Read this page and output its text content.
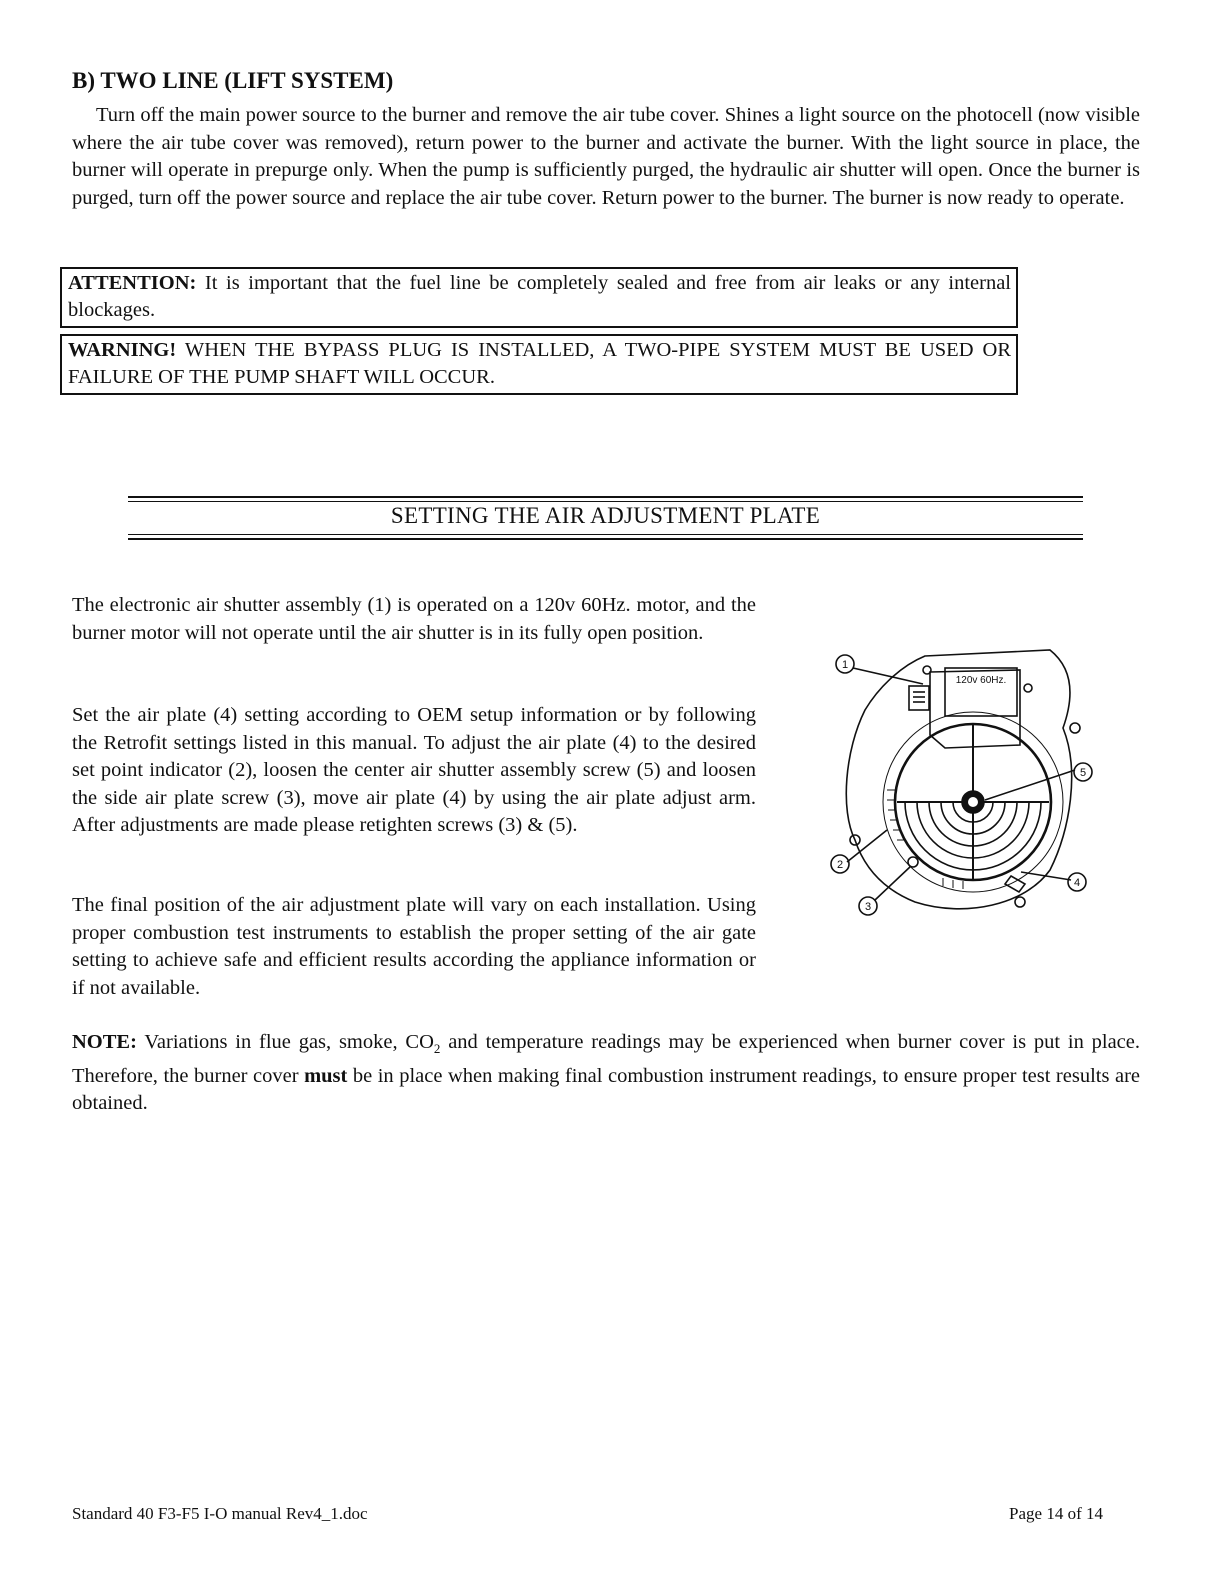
B) TWO LINE (LIFT SYSTEM)

Turn off the main power source to the burner and remove the air tube cover. Shines a light source on the photocell (now visible where the air tube cover was removed), return power to the burner and activate the burner. With the light source in place, the burner will operate in prepurge only. When the pump is sufficiently purged, the hydraulic air shutter will open. Once the burner is purged, turn off the power source and replace the air tube cover. Return power to the burner. The burner is now ready to operate.

ATTENTION: It is important that the fuel line be completely sealed and free from air leaks or any internal blockages.
WARNING! WHEN THE BYPASS PLUG IS INSTALLED, A TWO-PIPE SYSTEM MUST BE USED OR FAILURE OF THE PUMP SHAFT WILL OCCUR.
SETTING THE AIR ADJUSTMENT PLATE

The electronic air shutter assembly (1) is operated on a 120v 60Hz. motor, and the burner motor will not operate until the air shutter is in its fully open position.

Set the air plate (4) setting according to OEM setup information or by following the Retrofit settings listed in this manual. To adjust the air plate (4) to the desired set point indicator (2), loosen the center air shutter assembly screw (5) and loosen the side air plate screw (3), move air plate (4) by using the air plate adjust arm. After adjustments are made please retighten screws (3) & (5).

The final position of the air adjustment plate will vary on each installation. Using proper combustion test instruments to establish the proper setting of the air gate setting to achieve safe and efficient results according the appliance information or if not available.

1
2
3
4
5
120v 60Hz.

NOTE: Variations in flue gas, smoke, $CO_2$ and temperature readings may be experienced when burner cover is put in place. Therefore, the burner cover must be in place when making final combustion instrument readings, to ensure proper test results are obtained.

Standard 40 F3-F5 I-O manual Rev4_1.doc	Page 14 of 14
